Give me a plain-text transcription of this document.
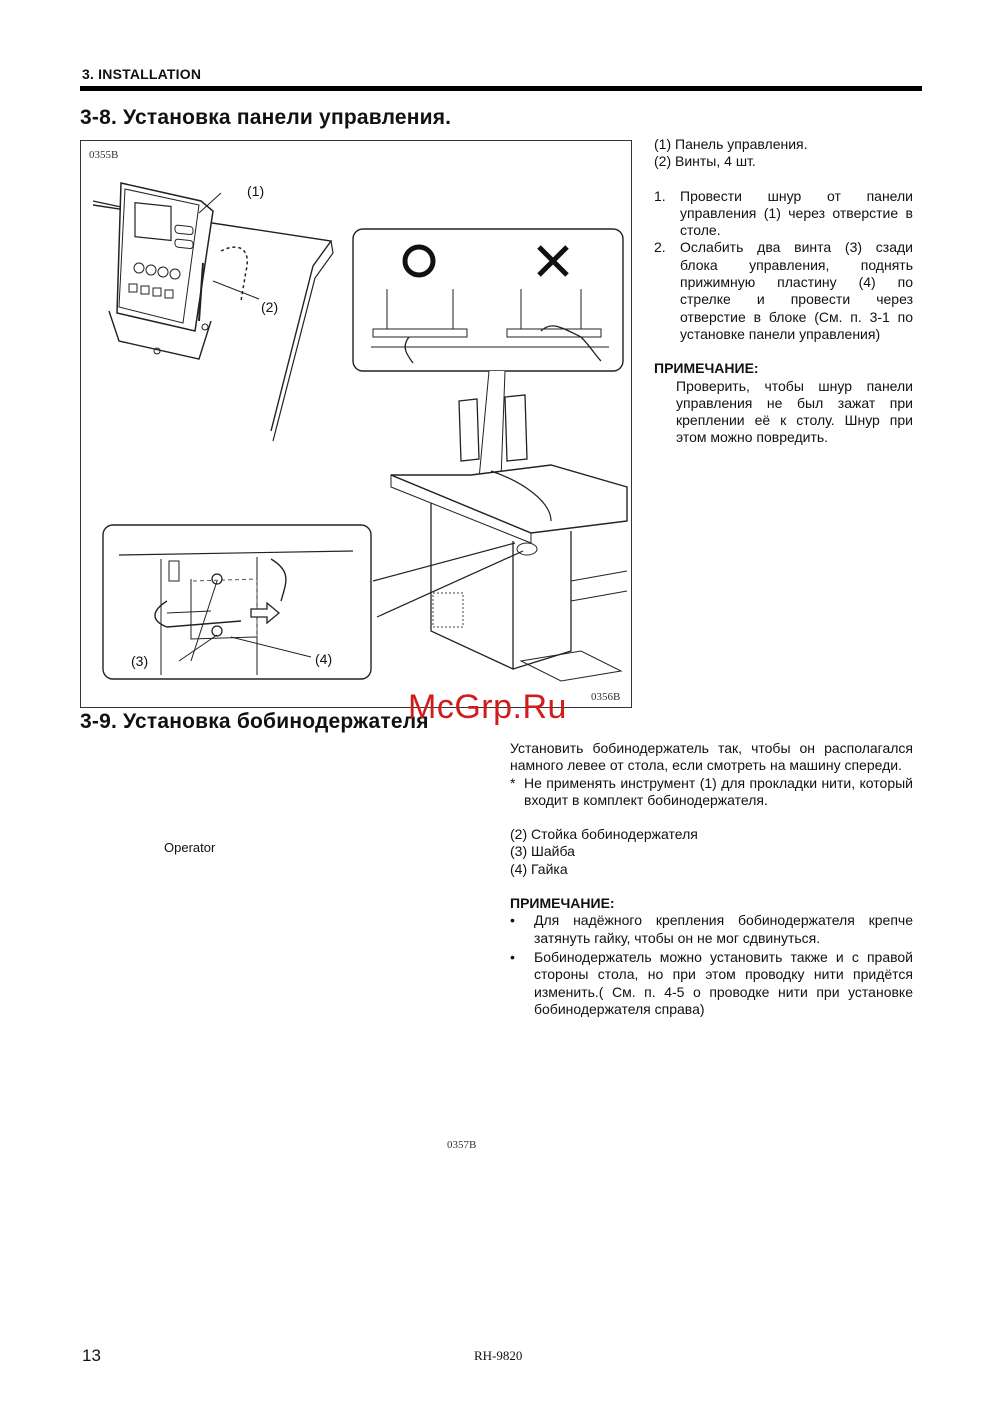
3. INSTALLATION
3-8. Установка панели управления.
0355B
0356B
(1)
(2)
(3)	(4)
(1) Панель управления.
(2) Винты, 4 шт.
1.	Провести шнур от панели управления (1) через отверстие в столе.
2.	Ослабить два винта (3) сзади блока управления, поднять прижимную пластину (4) по стрелке и провести через отверстие в блоке (См. п. 3-1 по установке панели управления)
ПРИМЕЧАНИЕ:
Проверить, чтобы шнур панели управления не был зажат при креплении её к столу. Шнур при этом можно повредить.
3-9. Установка бобинодержателя
McGrp.Ru
Operator
0357B
Установить бобинодержатель так, чтобы он располагался намного левее от стола, если смотреть на машину спереди.
* Не применять инструмент (1) для прокладки нити, который входит в комплект бобинодержателя.
(2) Стойка бобинодержателя
(3) Шайба
(4) Гайка
ПРИМЕЧАНИЕ:
•	Для надёжного крепления бобинодержателя крепче затянуть гайку, чтобы он не мог сдвинуться.
•	Бобинодержатель можно установить также и с правой стороны стола, но при этом проводку нити придётся изменить.( См. п. 4-5 о проводке нити при установке бобинодержателя справа)
13	RH-9820
